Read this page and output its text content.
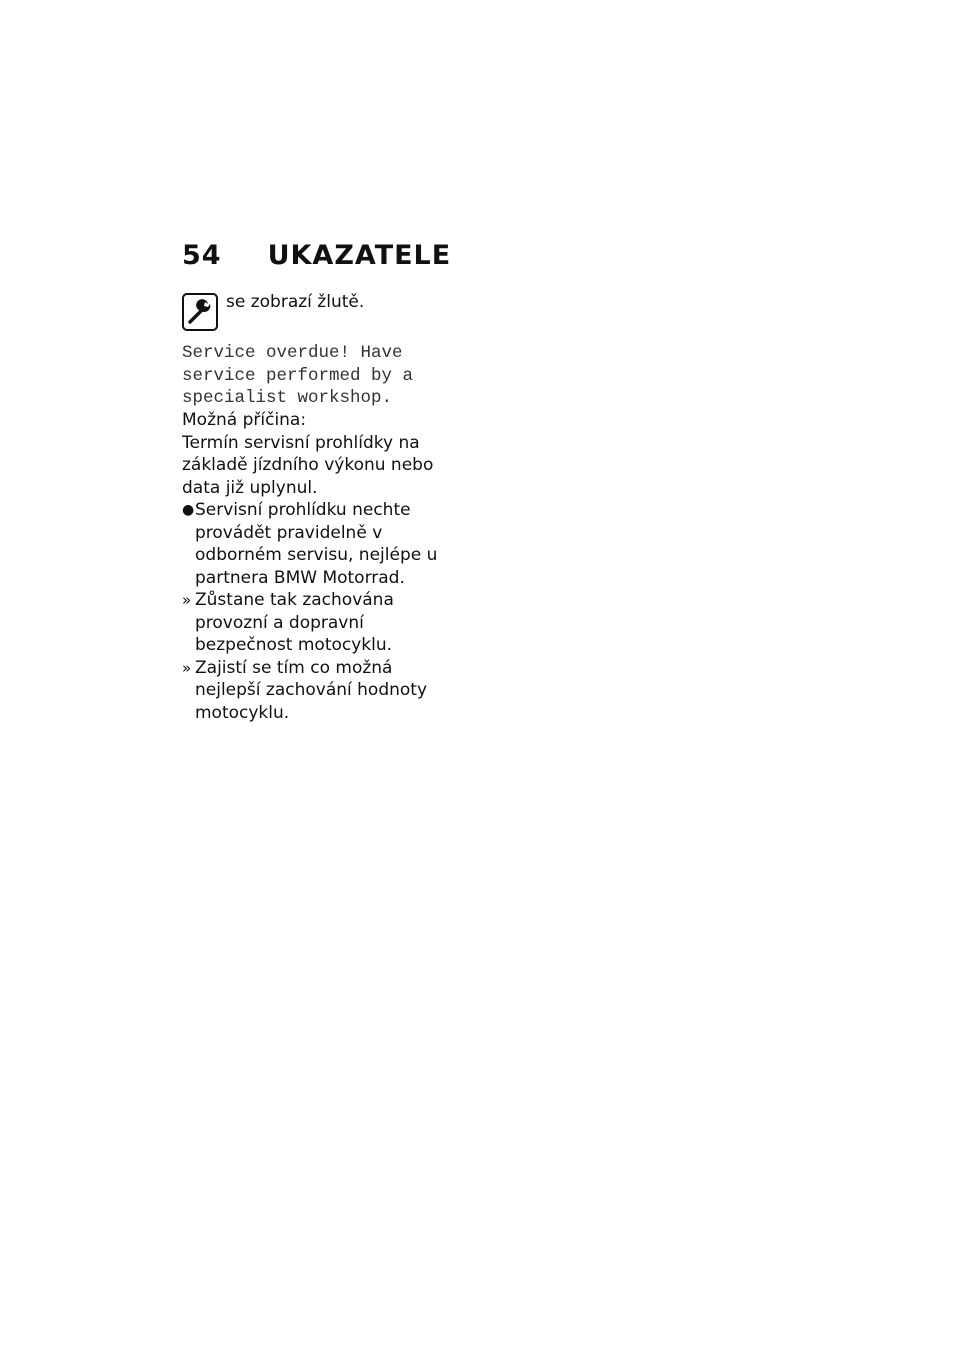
54 UKAZATELE
se zobrazí žlutě.
Service overdue! Have
service performed by a
specialist workshop.

Možná příčina:

Termín servisní prohlídky na základě jízdního výkonu nebo data již uplynul.

● Servisní prohlídku nechte provádět pravidelně v odborném servisu, nejlépe u partnera BMW Motorrad.
» Zůstane tak zachována provozní a dopravní bezpečnost motocyklu.
» Zajistí se tím co možná nejlepší zachování hodnoty motocyklu.
